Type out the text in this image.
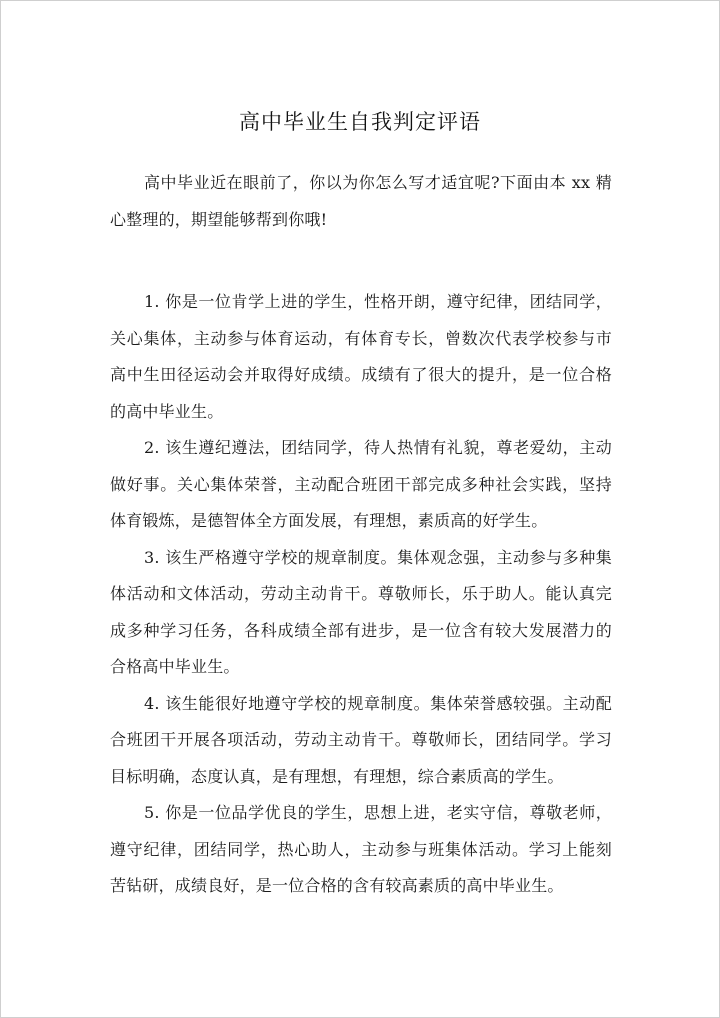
高中毕业生自我判定评语

高中毕业近在眼前了，你以为你怎么写才适宜呢?下面由本 xx 精心整理的，期望能够帮到你哦!

1. 你是一位肯学上进的学生，性格开朗，遵守纪律，团结同学，关心集体，主动参与体育运动，有体育专长，曾数次代表学校参与市高中生田径运动会并取得好成绩。成绩有了很大的提升，是一位合格的高中毕业生。

2. 该生遵纪遵法，团结同学，待人热情有礼貌，尊老爱幼，主动做好事。关心集体荣誉，主动配合班团干部完成多种社会实践，坚持体育锻炼，是德智体全方面发展，有理想，素质高的好学生。

3. 该生严格遵守学校的规章制度。集体观念强，主动参与多种集体活动和文体活动，劳动主动肯干。尊敬师长，乐于助人。能认真完成多种学习任务，各科成绩全部有进步，是一位含有较大发展潜力的合格高中毕业生。

4. 该生能很好地遵守学校的规章制度。集体荣誉感较强。主动配合班团干开展各项活动，劳动主动肯干。尊敬师长，团结同学。学习目标明确，态度认真，是有理想，有理想，综合素质高的学生。

5. 你是一位品学优良的学生，思想上进，老实守信，尊敬老师，遵守纪律，团结同学，热心助人，主动参与班集体活动。学习上能刻苦钻研，成绩良好，是一位合格的含有较高素质的高中毕业生。
